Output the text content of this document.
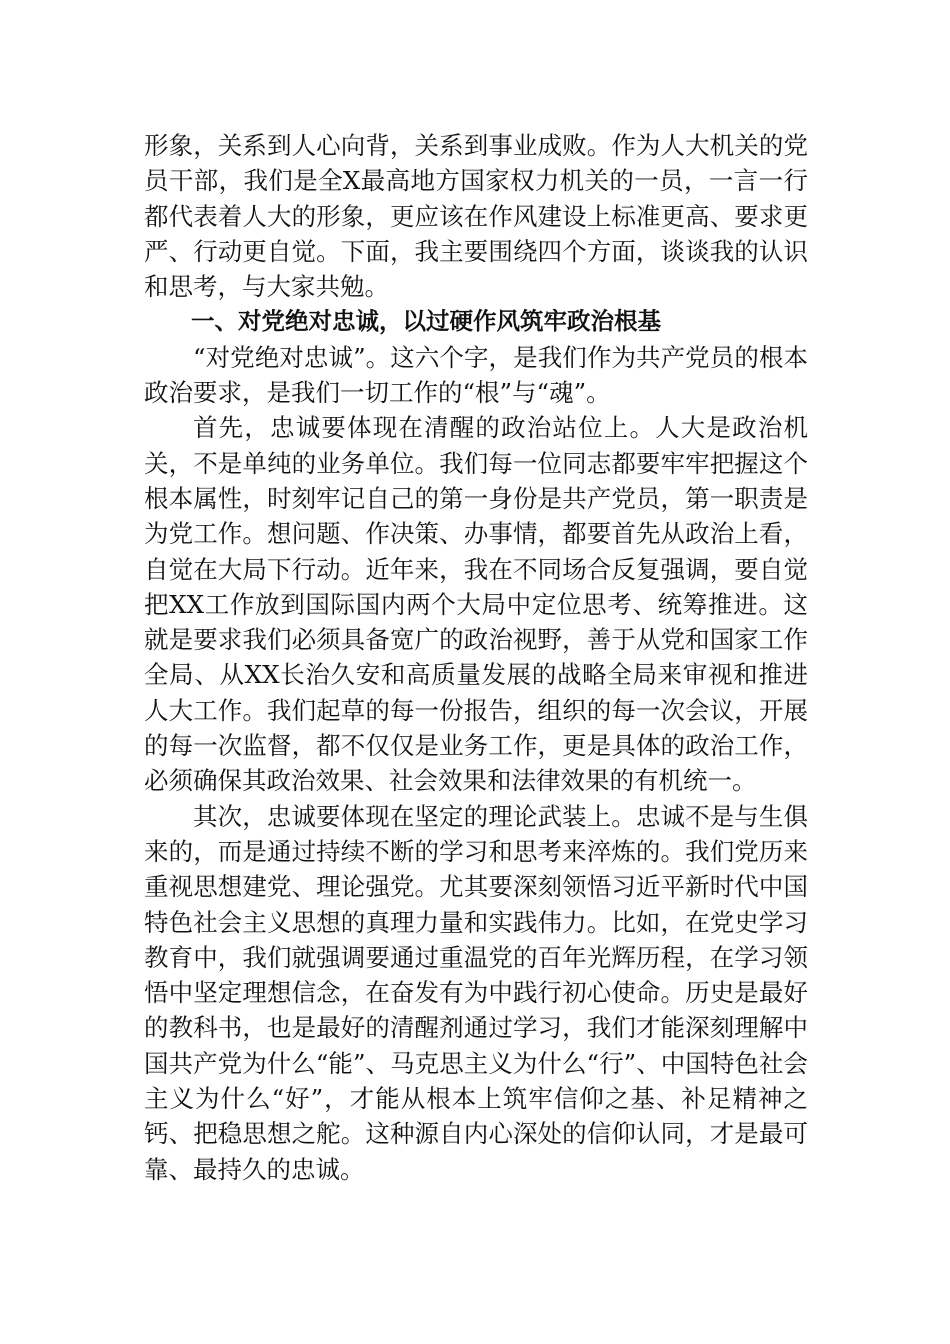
形象，关系到人心向背，关系到事业成败。作为人大机关的党员干部，我们是全X最高地方国家权力机关的一员，一言一行都代表着人大的形象，更应该在作风建设上标准更高、要求更严、行动更自觉。下面，我主要围绕四个方面，谈谈我的认识和思考，与大家共勉。

一、对党绝对忠诚，以过硬作风筑牢政治根基

“对党绝对忠诚”。这六个字，是我们作为共产党员的根本政治要求，是我们一切工作的“根”与“魂”。

首先，忠诚要体现在清醒的政治站位上。人大是政治机关，不是单纯的业务单位。我们每一位同志都要牢牢把握这个根本属性，时刻牢记自己的第一身份是共产党员，第一职责是为党工作。想问题、作决策、办事情，都要首先从政治上看，自觉在大局下行动。近年来，我在不同场合反复强调，要自觉把XX工作放到国际国内两个大局中定位思考、统筹推进。这就是要求我们必须具备宽广的政治视野，善于从党和国家工作全局、从XX长治久安和高质量发展的战略全局来审视和推进人大工作。我们起草的每一份报告，组织的每一次会议，开展的每一次监督，都不仅仅是业务工作，更是具体的政治工作，必须确保其政治效果、社会效果和法律效果的有机统一。

其次，忠诚要体现在坚定的理论武装上。忠诚不是与生俱来的，而是通过持续不断的学习和思考来淬炼的。我们党历来重视思想建党、理论强党。尤其要深刻领悟习近平新时代中国特色社会主义思想的真理力量和实践伟力。比如，在党史学习教育中，我们就强调要通过重温党的百年光辉历程，在学习领悟中坚定理想信念，在奋发有为中践行初心使命。历史是最好的教科书，也是最好的清醒剂通过学习，我们才能深刻理解中国共产党为什么“能”、马克思主义为什么“行”、中国特色社会主义为什么“好”，才能从根本上筑牢信仰之基、补足精神之钙、把稳思想之舵。这种源自内心深处的信仰认同，才是最可靠、最持久的忠诚。
